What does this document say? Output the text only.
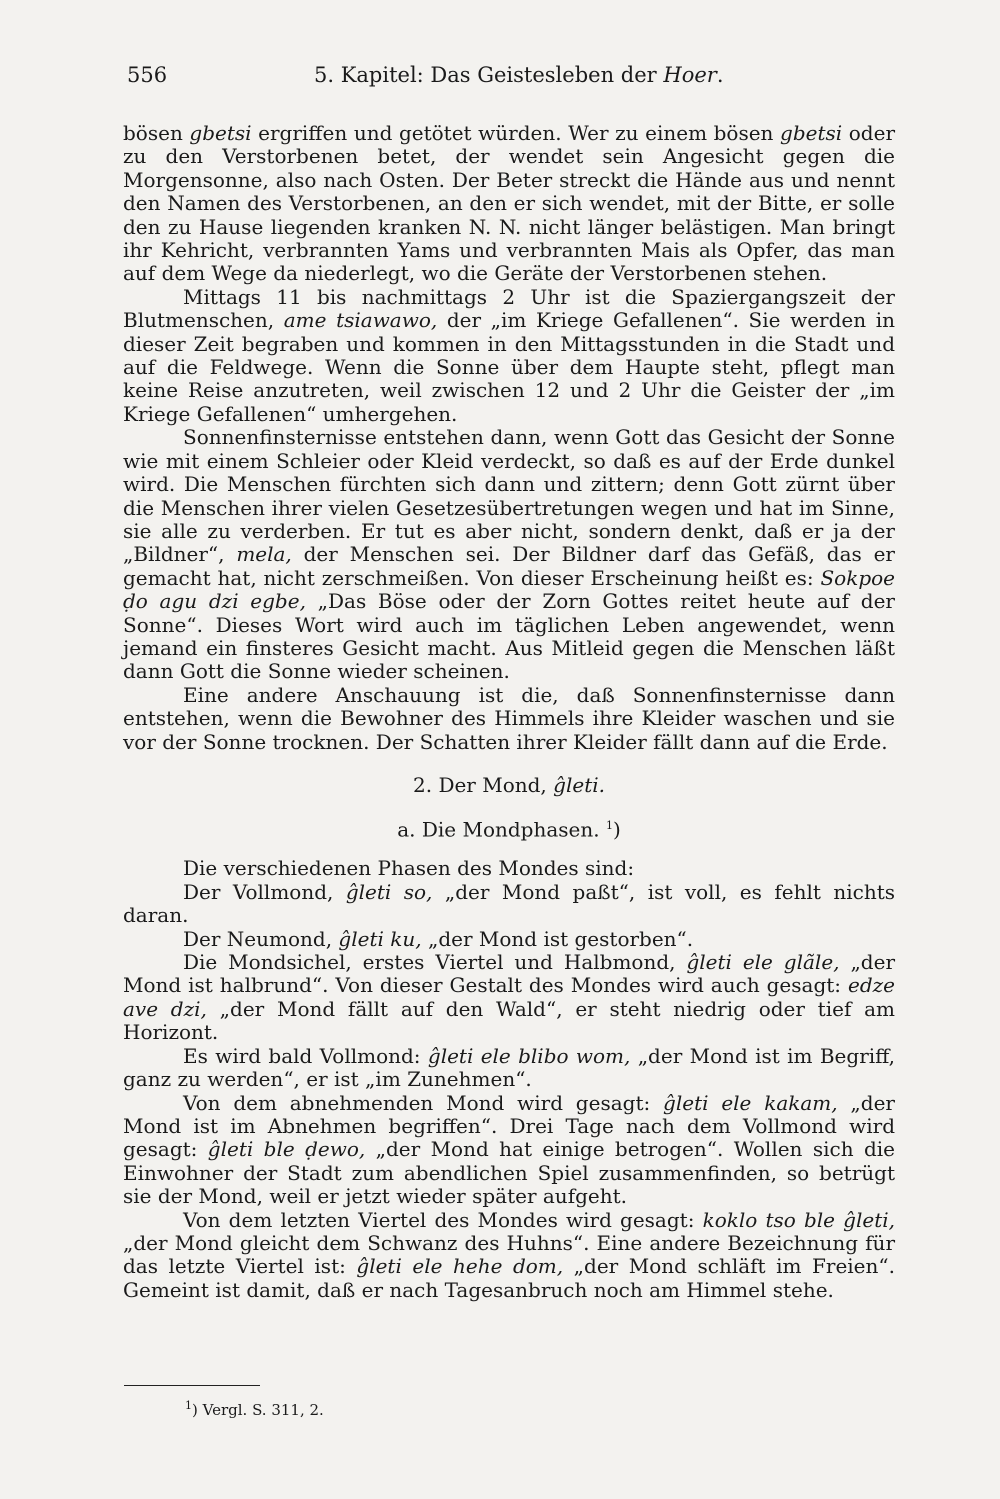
556	5. Kapitel: Das Geistesleben der Hoer.

bösen gbetsi ergriffen und getötet würden. Wer zu einem bösen gbetsi oder zu den Verstorbenen betet, der wendet sein Angesicht gegen die Morgensonne, also nach Osten. Der Beter streckt die Hände aus und nennt den Namen des Verstorbenen, an den er sich wendet, mit der Bitte, er solle den zu Hause liegenden kranken N. N. nicht länger belästigen. Man bringt ihr Kehricht, verbrannten Yams und verbrannten Mais als Opfer, das man auf dem Wege da niederlegt, wo die Geräte der Verstorbenen stehen.

Mittags 11 bis nachmittags 2 Uhr ist die Spaziergangszeit der Blutmenschen, ame tsiawawo, der „im Kriege Gefallenen“. Sie werden in dieser Zeit begraben und kommen in den Mittagsstunden in die Stadt und auf die Feldwege. Wenn die Sonne über dem Haupte steht, pflegt man keine Reise anzutreten, weil zwischen 12 und 2 Uhr die Geister der „im Kriege Gefallenen“ umhergehen.

Sonnenfinsternisse entstehen dann, wenn Gott das Gesicht der Sonne wie mit einem Schleier oder Kleid verdeckt, so daß es auf der Erde dunkel wird. Die Menschen fürchten sich dann und zittern; denn Gott zürnt über die Menschen ihrer vielen Gesetzesübertretungen wegen und hat im Sinne, sie alle zu verderben. Er tut es aber nicht, sondern denkt, daß er ja der „Bildner“, mela, der Menschen sei. Der Bildner darf das Gefäß, das er gemacht hat, nicht zerschmeißen. Von dieser Erscheinung heißt es: Sokpoe ḍo agu dzi egbe, „Das Böse oder der Zorn Gottes reitet heute auf der Sonne“. Dieses Wort wird auch im täglichen Leben angewendet, wenn jemand ein finsteres Gesicht macht. Aus Mitleid gegen die Menschen läßt dann Gott die Sonne wieder scheinen.

Eine andere Anschauung ist die, daß Sonnenfinsternisse dann entstehen, wenn die Bewohner des Himmels ihre Kleider waschen und sie vor der Sonne trocknen. Der Schatten ihrer Kleider fällt dann auf die Erde.

2. Der Mond, ĝleti.

a. Die Mondphasen. $^1$)

Die verschiedenen Phasen des Mondes sind:

Der Vollmond, ĝleti so, „der Mond paßt“, ist voll, es fehlt nichts daran.

Der Neumond, ĝleti ku, „der Mond ist gestorben“.

Die Mondsichel, erstes Viertel und Halbmond, ĝleti ele glãle, „der Mond ist halbrund“. Von dieser Gestalt des Mondes wird auch gesagt: edze ave dzi, „der Mond fällt auf den Wald“, er steht niedrig oder tief am Horizont.

Es wird bald Vollmond: ĝleti ele blibo wom, „der Mond ist im Begriff, ganz zu werden“, er ist „im Zunehmen“.

Von dem abnehmenden Mond wird gesagt: ĝleti ele kakam, „der Mond ist im Abnehmen begriffen“. Drei Tage nach dem Vollmond wird gesagt: ĝleti ble ḍewo, „der Mond hat einige betrogen“. Wollen sich die Einwohner der Stadt zum abendlichen Spiel zusammenfinden, so betrügt sie der Mond, weil er jetzt wieder später aufgeht.

Von dem letzten Viertel des Mondes wird gesagt: koklo tso ble ĝleti, „der Mond gleicht dem Schwanz des Huhns“. Eine andere Bezeichnung für das letzte Viertel ist: ĝleti ele hehe dom, „der Mond schläft im Freien“. Gemeint ist damit, daß er nach Tagesanbruch noch am Himmel stehe.

$^1$) Vergl. S. 311, 2.
